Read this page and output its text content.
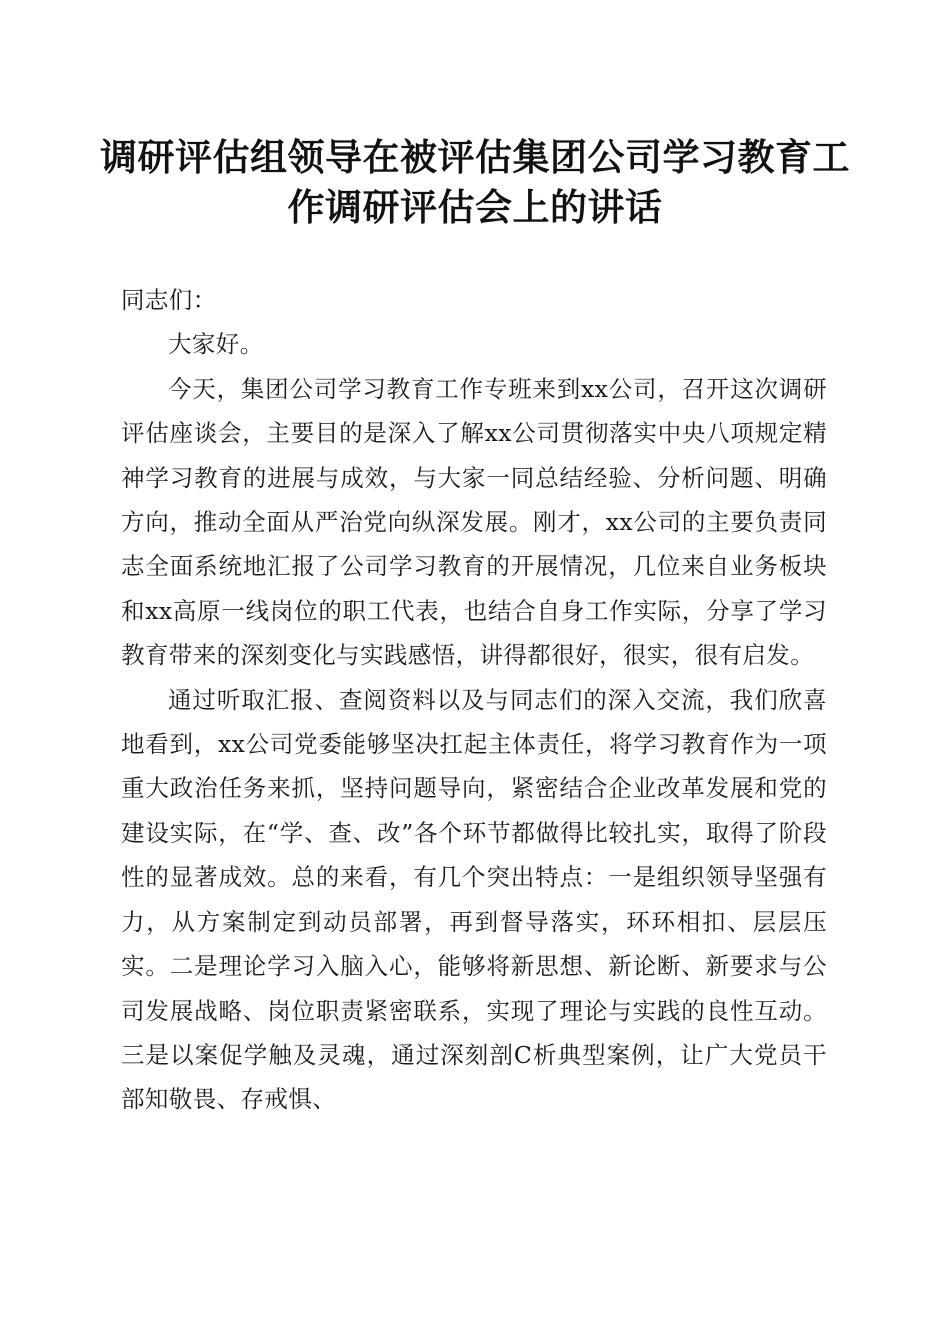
调研评估组领导在被评估集团公司学习教育工作调研评估会上的讲话

同志们：

大家好。

今天，集团公司学习教育工作专班来到xx公司，召开这次调研评估座谈会，主要目的是深入了解xx公司贯彻落实中央八项规定精神学习教育的进展与成效，与大家一同总结经验、分析问题、明确方向，推动全面从严治党向纵深发展。刚才，xx公司的主要负责同志全面系统地汇报了公司学习教育的开展情况，几位来自业务板块和xx高原一线岗位的职工代表，也结合自身工作实际，分享了学习教育带来的深刻变化与实践感悟，讲得都很好，很实，很有启发。

通过听取汇报、查阅资料以及与同志们的深入交流，我们欣喜地看到，xx公司党委能够坚决扛起主体责任，将学习教育作为一项重大政治任务来抓，坚持问题导向，紧密结合企业改革发展和党的建设实际，在“学、查、改”各个环节都做得比较扎实，取得了阶段性的显著成效。总的来看，有几个突出特点：一是组织领导坚强有力，从方案制定到动员部署，再到督导落实，环环相扣、层层压实。二是理论学习入脑入心，能够将新思想、新论断、新要求与公司发展战略、岗位职责紧密联系，实现了理论与实践的良性互动。三是以案促学触及灵魂，通过深刻剖C析典型案例，让广大党员干部知敬畏、存戒惧、
